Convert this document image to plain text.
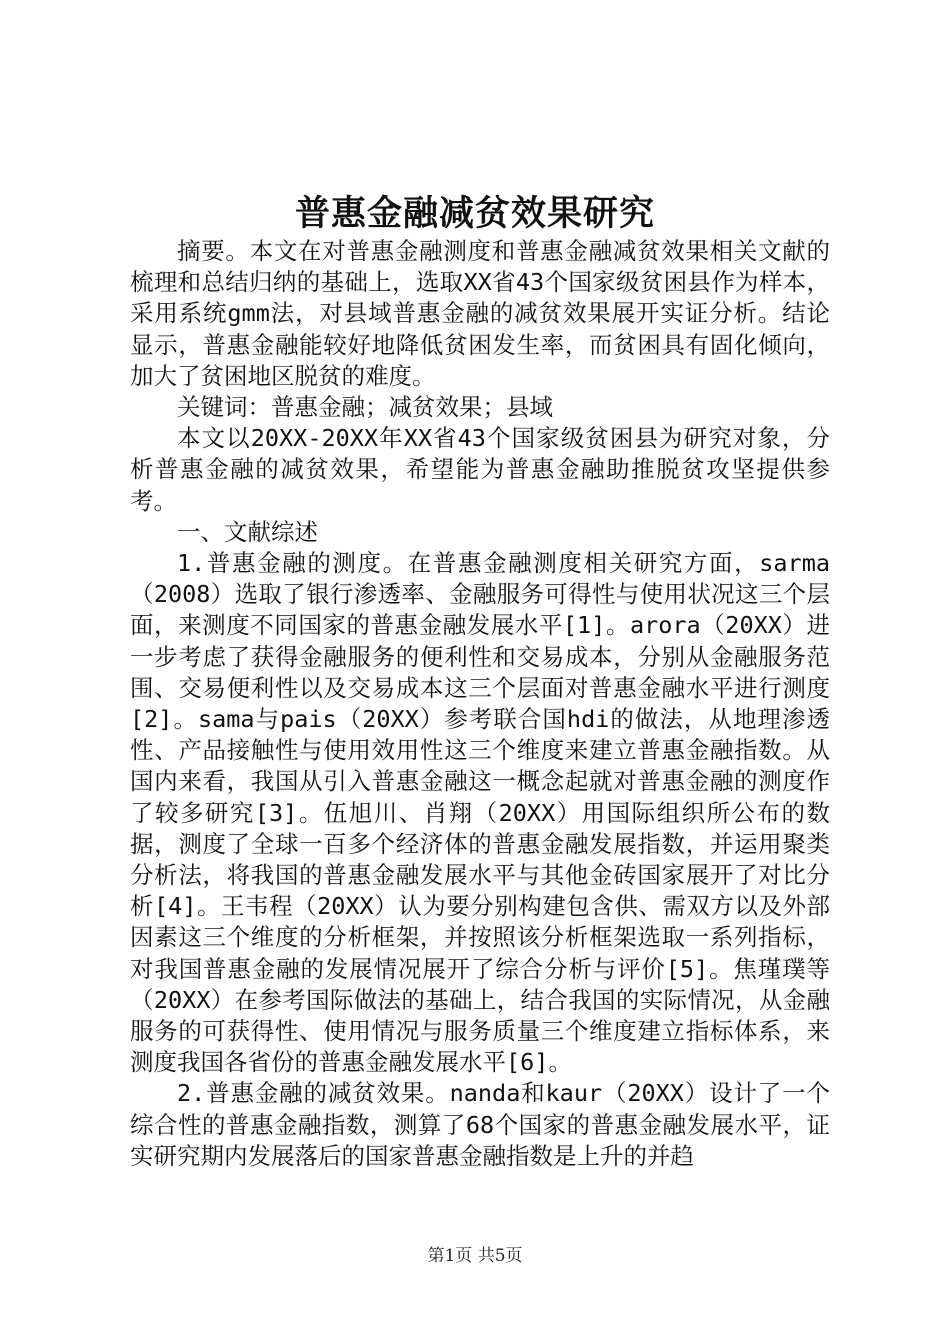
普惠金融减贫效果研究

摘要。本文在对普惠金融测度和普惠金融减贫效果相关文献的梳理和总结归纳的基础上，选取XX省43个国家级贫困县作为样本，采用系统gmm法，对县域普惠金融的减贫效果展开实证分析。结论显示，普惠金融能较好地降低贫困发生率，而贫困具有固化倾向，加大了贫困地区脱贫的难度。

关键词：普惠金融；减贫效果；县域

本文以20XX-20XX年XX省43个国家级贫困县为研究对象，分析普惠金融的减贫效果，希望能为普惠金融助推脱贫攻坚提供参考。

一、文献综述

1.普惠金融的测度。在普惠金融测度相关研究方面，sarma（2008）选取了银行渗透率、金融服务可得性与使用状况这三个层面，来测度不同国家的普惠金融发展水平[1]。arora（20XX）进一步考虑了获得金融服务的便利性和交易成本，分别从金融服务范围、交易便利性以及交易成本这三个层面对普惠金融水平进行测度[2]。sama与pais（20XX）参考联合国hdi的做法，从地理渗透性、产品接触性与使用效用性这三个维度来建立普惠金融指数。从国内来看，我国从引入普惠金融这一概念起就对普惠金融的测度作了较多研究[3]。伍旭川、肖翔（20XX）用国际组织所公布的数据，测度了全球一百多个经济体的普惠金融发展指数，并运用聚类分析法，将我国的普惠金融发展水平与其他金砖国家展开了对比分析[4]。王韦程（20XX）认为要分别构建包含供、需双方以及外部因素这三个维度的分析框架，并按照该分析框架选取一系列指标，对我国普惠金融的发展情况展开了综合分析与评价[5]。焦瑾璞等（20XX）在参考国际做法的基础上，结合我国的实际情况，从金融服务的可获得性、使用情况与服务质量三个维度建立指标体系，来测度我国各省份的普惠金融发展水平[6]。

2.普惠金融的减贫效果。nanda和kaur（20XX）设计了一个综合性的普惠金融指数，测算了68个国家的普惠金融发展水平，证实研究期内发展落后的国家普惠金融指数是上升的并趋

第1页 共5页
